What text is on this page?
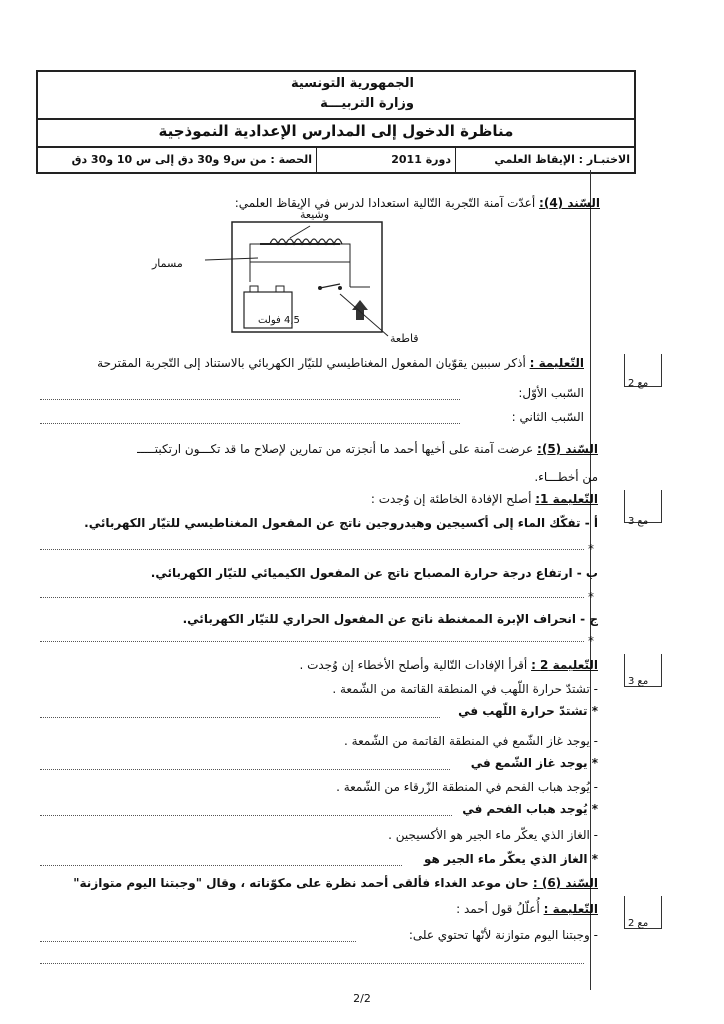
الجمهورية التونسية
وزارة التربيـــة
مناظرة الدخول إلى المدارس الإعدادية النموذجية
الاختبـار : الإيقاظ العلمي
دورة 2011
الحصة : من س9 و30 دق إلى س 10 و30 دق
السّند (4): أعدّت آمنة التّجربة التّالية استعدادا لدرس في الإيقاظ العلمي:
وشيعة
مسمار
4,5 فولت
قاطعة
التّعليمة : أذكر سببين يقوّيان المفعول المغناطيسي للتيّار الكهربائي بالاستناد إلى التّجربة المقترحة
السّبب الأوّل:
السّبب الثاني :
مع 2
السّند (5): عرضت آمنة على أخيها أحمد ما أنجزته من تمارين لإصلاح ما قد تكـــون ارتكبتـــــ
من أخطـــاء.
التّعليمة 1: أصلح الإفادة الخاطئة إن وُجدت :
أ - تفكّك الماء إلى أكسيجين وهيدروجين ناتج عن المفعول المغناطيسي للتيّار الكهربائي.
*
ب - ارتفاع درجة حرارة المصباح ناتج عن المفعول الكيميائي للتيّار الكهربائي.
*
ج - انحراف الإبرة الممغنطة ناتج عن المفعول الحراري للتيّار الكهربائي.
*
مع 3
التّعليمة 2 : أقرأ الإفادات التّالية وأصلح الأخطاء إن وُجدت .
- تشتدّ حرارة اللّهب في المنطقة القاتمة من الشّمعة .
* تشتدّ حرارة اللّهب في
- يوجد غاز الشّمع في المنطقة القاتمة من الشّمعة .
* يوجد غاز الشّمع في
- يُوجد هباب الفحم في المنطقة الزّرقاء من الشّمعة .
* يُوجد هباب الفحم في
- الغاز الذي يعكّر ماء الجير هو الأكسيجين .
* الغاز الذي يعكّر ماء الجير هو
مع 3
السّند (6) : حان موعد الغداء فألقى أحمد نظرة على مكوّناته ، وقال "وجبتنا اليوم متوازنة"
التّعليمة : أُعلّلُ قول أحمد :
- وجبتنا اليوم متوازنة لأنّها تحتوي على:
مع 2
2/2
